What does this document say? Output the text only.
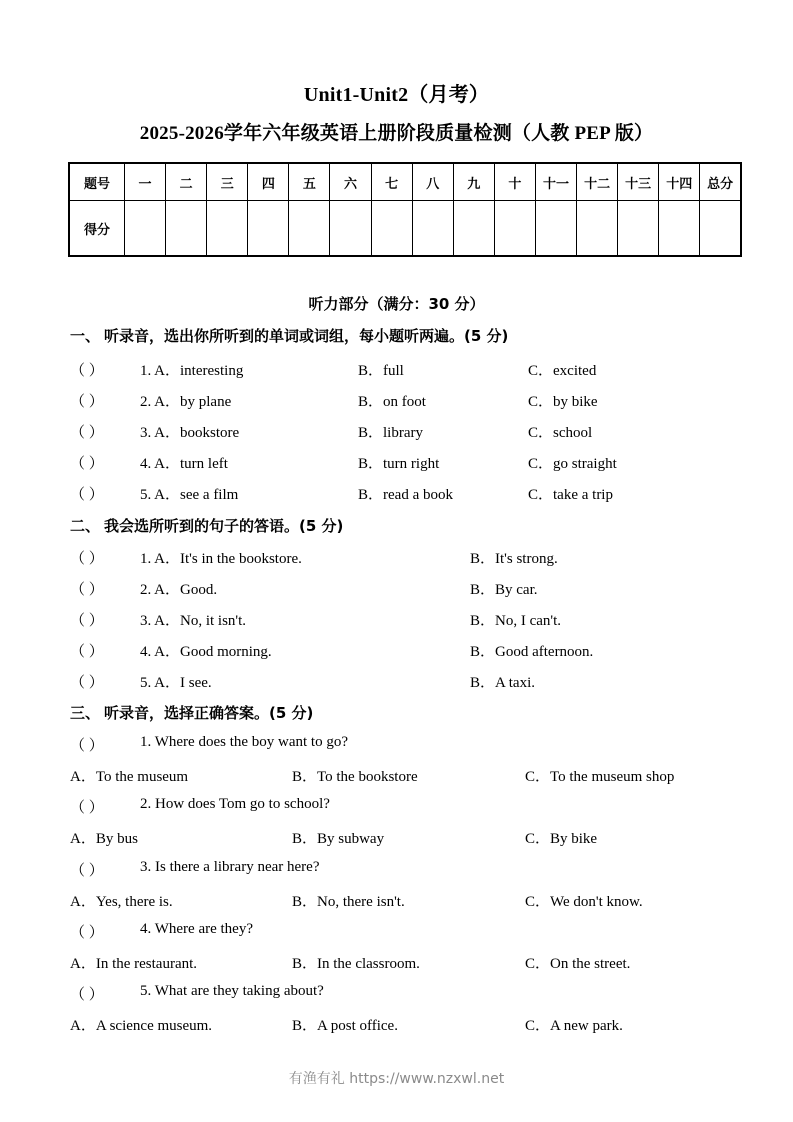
Unit1-Unit2（月考）
2025-2026学年六年级英语上册阶段质量检测（人教 PEP 版）
题号	一	二	三	四	五	六	七	八	九	十	十一	十二	十三	十四	总分
得分															
听力部分（满分：30 分）
一、 听录音，选出你所听到的单词或词组，每小题听两遍。(5 分)
（ ） 1. A．interesting	B．full	C．excited
（ ） 2. A．by plane	B．on foot	C．by bike
（ ） 3. A．bookstore	B．library	C．school
（ ） 4. A．turn left	B．turn right	C．go straight
（ ） 5. A．see a film	B．read a book	C．take a trip
二、 我会选所听到的句子的答语。(5 分)
（ ） 1. A．It's in the bookstore.	B．It's strong.
（ ） 2. A．Good.	B．By car.
（ ） 3. A．No, it isn't.	B．No, I can't.
（ ） 4. A．Good morning.	B．Good afternoon.
（ ） 5. A．I see.	B．A taxi.
三、 听录音，选择正确答案。(5 分)
（ ） 1. Where does the boy want to go?
A．To the museum	B．To the bookstore	C．To the museum shop
（ ） 2. How does Tom go to school?
A．By bus	B．By subway	C．By bike
（ ） 3. Is there a library near here?
A．Yes, there is.	B．No, there isn't.	C．We don't know.
（ ） 4. Where are they?
A．In the restaurant.	B．In the classroom.	C．On the street.
（ ） 5. What are they taking about?
A．A science museum.	B．A post office.	C．A new park.
有渔有礼 https://www.nzxwl.net
